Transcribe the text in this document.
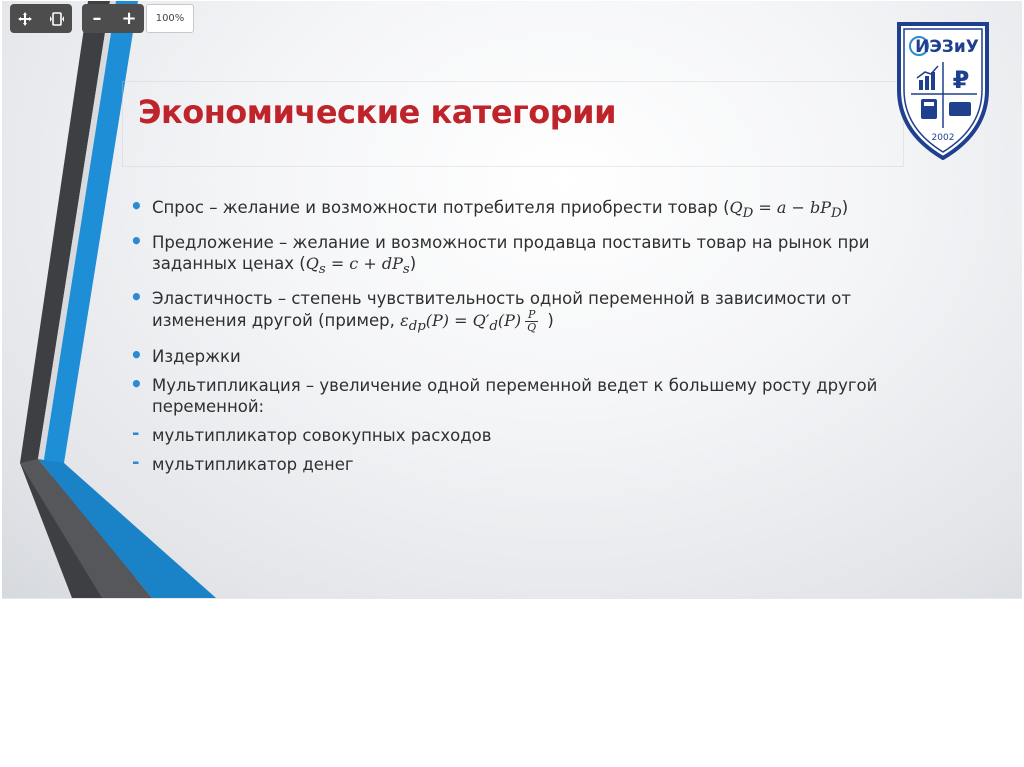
Экономические категории
• Спрос – желание и возможности потребителя приобрести товар $(Q_D = a - bP_D)$
• Предложение – желание и возможности продавца поставить товар на рынок при заданных ценах $(Q_s = c + dP_s)$
• Эластичность – степень чувствительность одной переменной в зависимости от изменения другой (пример, $\varepsilon_{dp}(P) = Q'_d(P) \frac{P}{Q}$ )
• Издержки
• Мультипликация – увеличение одной переменной ведет к большему росту другой переменной:
- мультипликатор совокупных расходов
- мультипликатор денег
ИЭЗиУ
₽
2002
–	+	100%
